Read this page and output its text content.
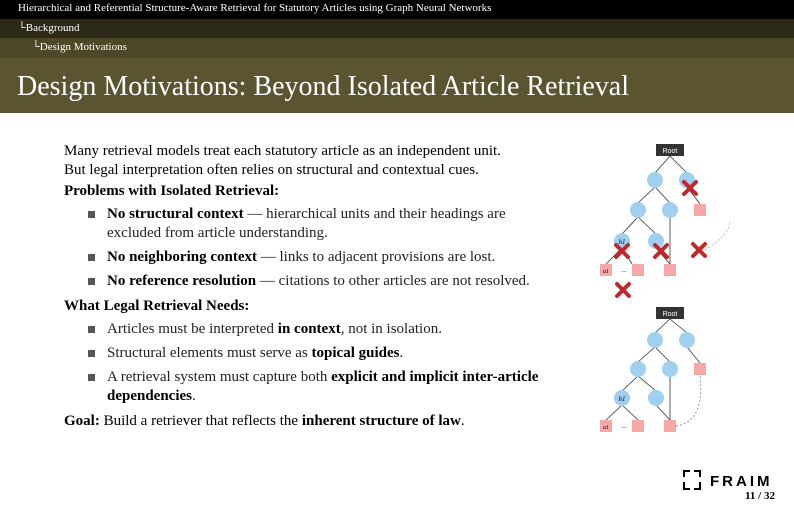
Hierarchical and Referential Structure-Aware Retrieval for Statutory Articles using Graph Neural Networks
└Background
└Design Motivations
Design Motivations: Beyond Isolated Article Retrieval

Many retrieval models treat each statutory article as an independent unit.

But legal interpretation often relies on structural and contextual cues.

Problems with Isolated Retrieval:

No structural context — hierarchical units and their headings are excluded from article understanding.
No neighboring context — links to adjacent provisions are lost.
No reference resolution — citations to other articles are not resolved.

What Legal Retrieval Needs:

Articles must be interpreted in context, not in isolation.
Structural elements must serve as topical guides.
A retrieval system must capture both explicit and implicit inter-article dependencies.

Goal: Build a retriever that reflects the inherent structure of law.

Root
h1
a1 ...
Root
h1
a1 ...
FRAIM
11 / 32
